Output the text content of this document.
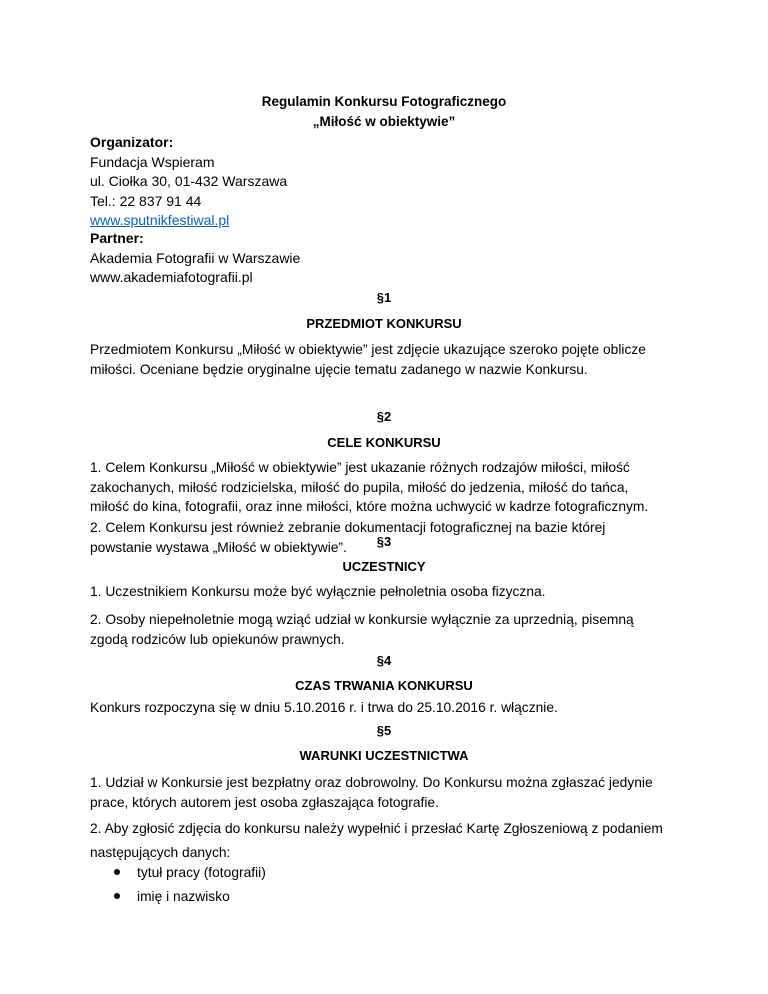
Regulamin Konkursu Fotograficznego
„Miłość w obiektywie”
Organizator:
Fundacja Wspieram
ul. Ciołka 30, 01-432 Warszawa
Tel.: 22 837 91 44
www.sputnikfestiwal.pl
Partner:
Akademia Fotografii w Warszawie
www.akademiafotografii.pl
§1
PRZEDMIOT KONKURSU
Przedmiotem Konkursu „Miłość w obiektywie” jest zdjęcie ukazujące szeroko pojęte oblicze
miłości. Oceniane będzie oryginalne ujęcie tematu zadanego w nazwie Konkursu.
§2
CELE KONKURSU
1. Celem Konkursu „Miłość w obiektywie” jest ukazanie różnych rodzajów miłości, miłość
zakochanych, miłość rodzicielska, miłość do pupila, miłość do jedzenia, miłość do tańca,
miłość do kina, fotografii, oraz inne miłości, które można uchwycić w kadrze fotograficznym.
2. Celem Konkursu jest również zebranie dokumentacji fotograficznej na bazie której
powstanie wystawa „Miłość w obiektywie”.	§3
UCZESTNICY
1. Uczestnikiem Konkursu może być wyłącznie pełnoletnia osoba fizyczna.
2. Osoby niepełnoletnie mogą wziąć udział w konkursie wyłącznie za uprzednią, pisemną
zgodą rodziców lub opiekunów prawnych.
§4
CZAS TRWANIA KONKURSU
Konkurs rozpoczyna się w dniu 5.10.2016 r. i trwa do 25.10.2016 r. włącznie.
§5
WARUNKI UCZESTNICTWA
1. Udział w Konkursie jest bezpłatny oraz dobrowolny. Do Konkursu można zgłaszać jedynie
prace, których autorem jest osoba zgłaszająca fotografie.
2. Aby zgłosić zdjęcia do konkursu należy wypełnić i przesłać Kartę Zgłoszeniową z podaniem
następujących danych:
tytuł pracy (fotografii)
imię i nazwisko
